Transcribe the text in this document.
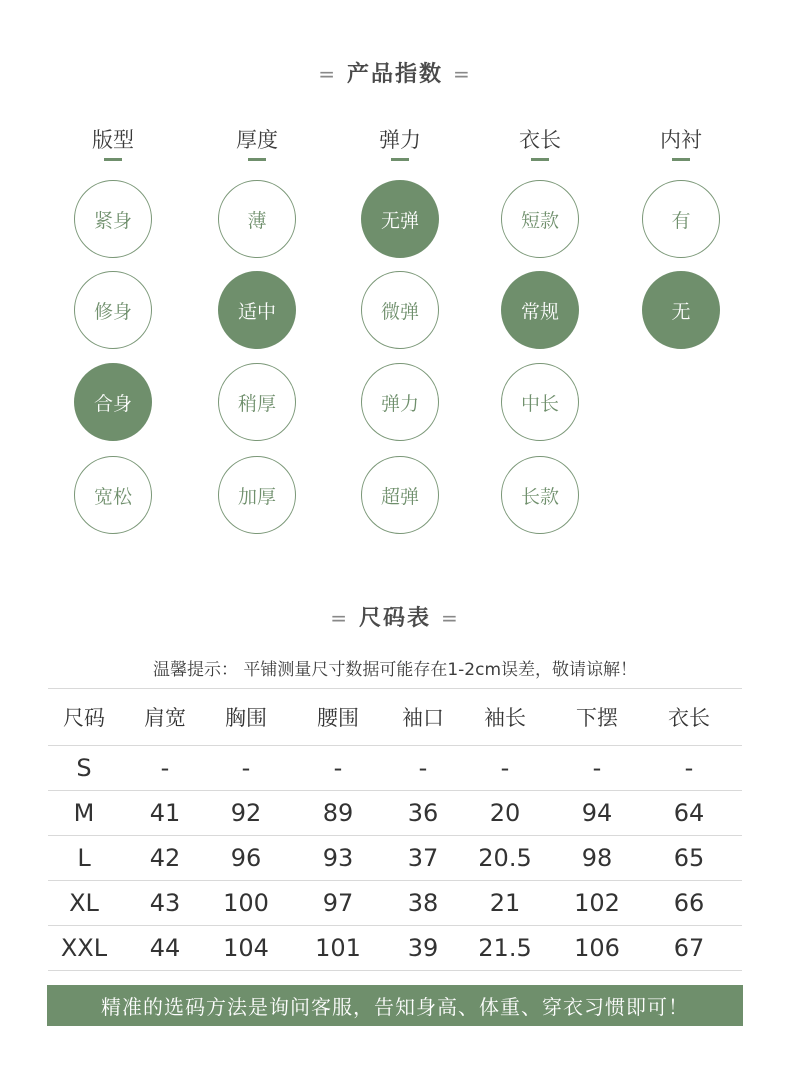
= 产品指数 =
版型
紧身
修身
合身
宽松
厚度
薄
适中
稍厚
加厚
弹力
无弹
微弹
弹力
超弹
衣长
短款
常规
中长
长款
内衬
有
无
= 尺码表 =
温馨提示： 平铺测量尺寸数据可能存在1-2cm误差，敬请谅解！
尺码	肩宽	胸围	腰围	袖口	袖长	下摆	衣长
S	-	-	-	-	-	-	-
M	41	92	89	36	20	94	64
L	42	96	93	37	20.5	98	65
XL	43	100	97	38	21	102	66
XXL	44	104	101	39	21.5	106	67
精准的选码方法是询问客服，告知身高、体重、穿衣习惯即可！
